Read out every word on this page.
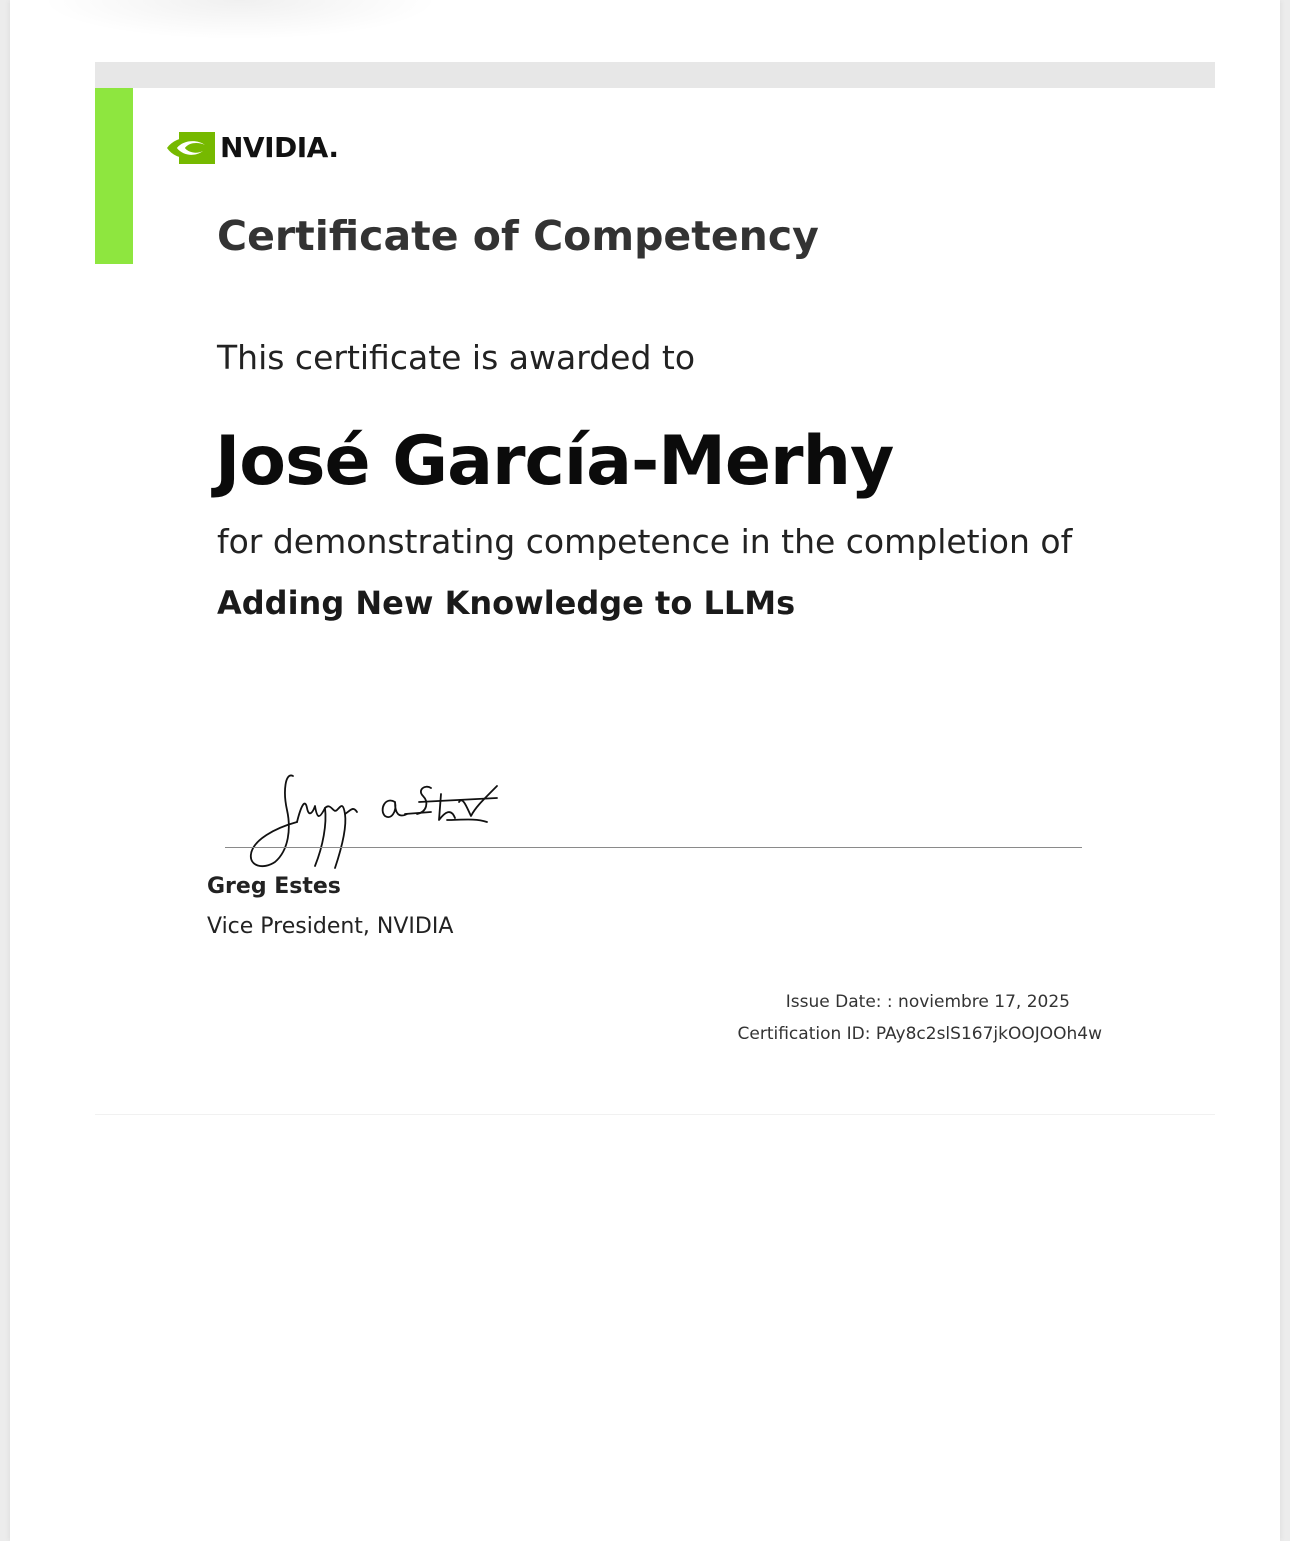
NVIDIA.
Certificate of Competency
This certificate is awarded to
José García-Merhy
for demonstrating competence in the completion of
Adding New Knowledge to LLMs
Greg Estes
Vice President, NVIDIA
Issue Date: : noviembre 17, 2025
Certification ID: PAy8c2slS167jkOOJOOh4w
